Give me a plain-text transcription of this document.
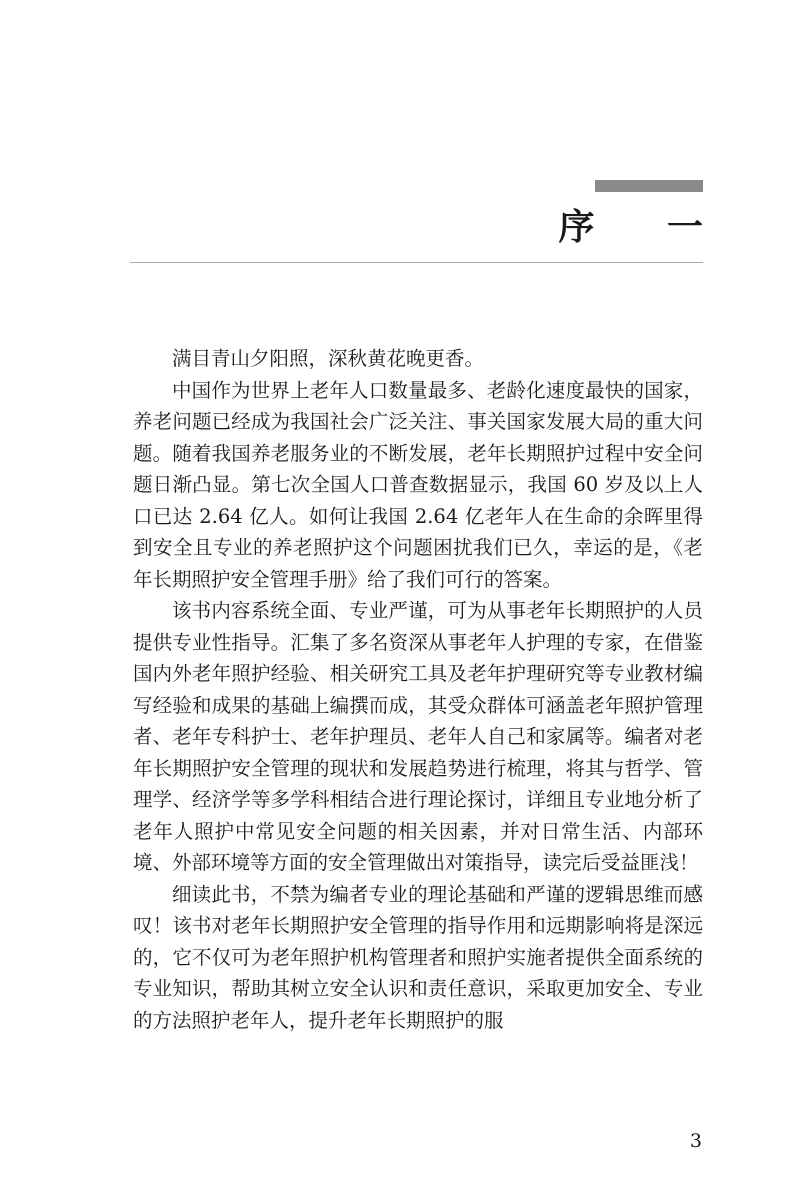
序 一

满目青山夕阳照，深秋黄花晚更香。

中国作为世界上老年人口数量最多、老龄化速度最快的国家，养老问题已经成为我国社会广泛关注、事关国家发展大局的重大问题。随着我国养老服务业的不断发展，老年长期照护过程中安全问题日渐凸显。第七次全国人口普查数据显示，我国 60 岁及以上人口已达 2.64 亿人。如何让我国 2.64 亿老年人在生命的余晖里得到安全且专业的养老照护这个问题困扰我们已久，幸运的是，《老年长期照护安全管理手册》给了我们可行的答案。

该书内容系统全面、专业严谨，可为从事老年长期照护的人员提供专业性指导。汇集了多名资深从事老年人护理的专家，在借鉴国内外老年照护经验、相关研究工具及老年护理研究等专业教材编写经验和成果的基础上编撰而成，其受众群体可涵盖老年照护管理者、老年专科护士、老年护理员、老年人自己和家属等。编者对老年长期照护安全管理的现状和发展趋势进行梳理，将其与哲学、管理学、经济学等多学科相结合进行理论探讨，详细且专业地分析了老年人照护中常见安全问题的相关因素，并对日常生活、内部环境、外部环境等方面的安全管理做出对策指导，读完后受益匪浅！

细读此书，不禁为编者专业的理论基础和严谨的逻辑思维而感叹！该书对老年长期照护安全管理的指导作用和远期影响将是深远的，它不仅可为老年照护机构管理者和照护实施者提供全面系统的专业知识，帮助其树立安全认识和责任意识，采取更加安全、专业的方法照护老年人，提升老年长期照护的服

3
